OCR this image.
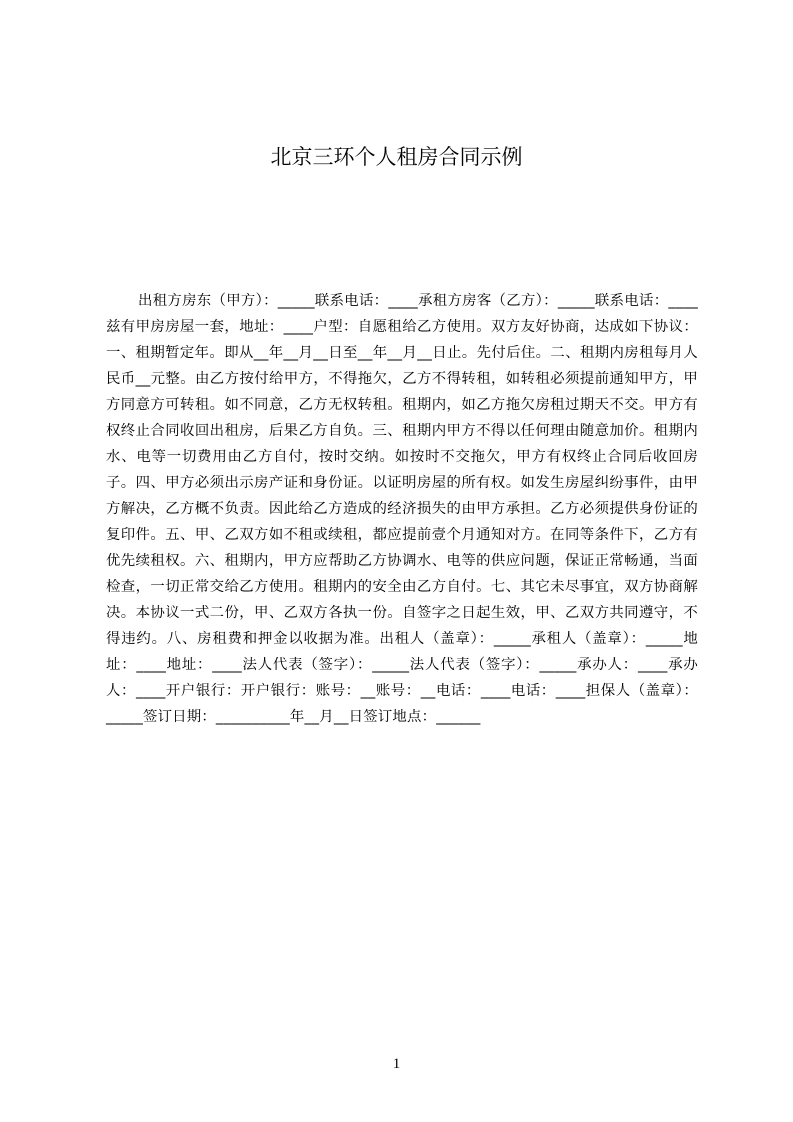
北京三环个人租房合同示例

出租方房东（甲方）：_____联系电话：____承租方房客（乙方）：_____联系电话：____兹有甲房房屋一套，地址：____户型：自愿租给乙方使用。双方友好协商，达成如下协议：一、租期暂定年。即从__年__月__日至__年__月__日止。先付后住。二、租期内房租每月人民币__元整。由乙方按付给甲方，不得拖欠，乙方不得转租，如转租必须提前通知甲方，甲方同意方可转租。如不同意，乙方无权转租。租期内，如乙方拖欠房租过期天不交。甲方有权终止合同收回出租房，后果乙方自负。三、租期内甲方不得以任何理由随意加价。租期内水、电等一切费用由乙方自付，按时交纳。如按时不交拖欠，甲方有权终止合同后收回房子。四、甲方必须出示房产证和身份证。以证明房屋的所有权。如发生房屋纠纷事件，由甲方解决，乙方概不负责。因此给乙方造成的经济损失的由甲方承担。乙方必须提供身份证的复印件。五、甲、乙双方如不租或续租，都应提前壹个月通知对方。在同等条件下，乙方有优先续租权。六、租期内，甲方应帮助乙方协调水、电等的供应问题，保证正常畅通，当面检查，一切正常交给乙方使用。租期内的安全由乙方自付。七、其它未尽事宜，双方协商解决。本协议一式二份，甲、乙双方各执一份。自签字之日起生效，甲、乙双方共同遵守，不得违约。八、房租费和押金以收据为准。出租人（盖章）：_____承租人（盖章）：_____地址：____地址：____法人代表（签字）：_____法人代表（签字）：_____承办人：____承办人：____开户银行：开户银行：账号：__账号：__电话：____电话：____担保人（盖章）：_____签订日期：__________年__月__日签订地点：______

1
